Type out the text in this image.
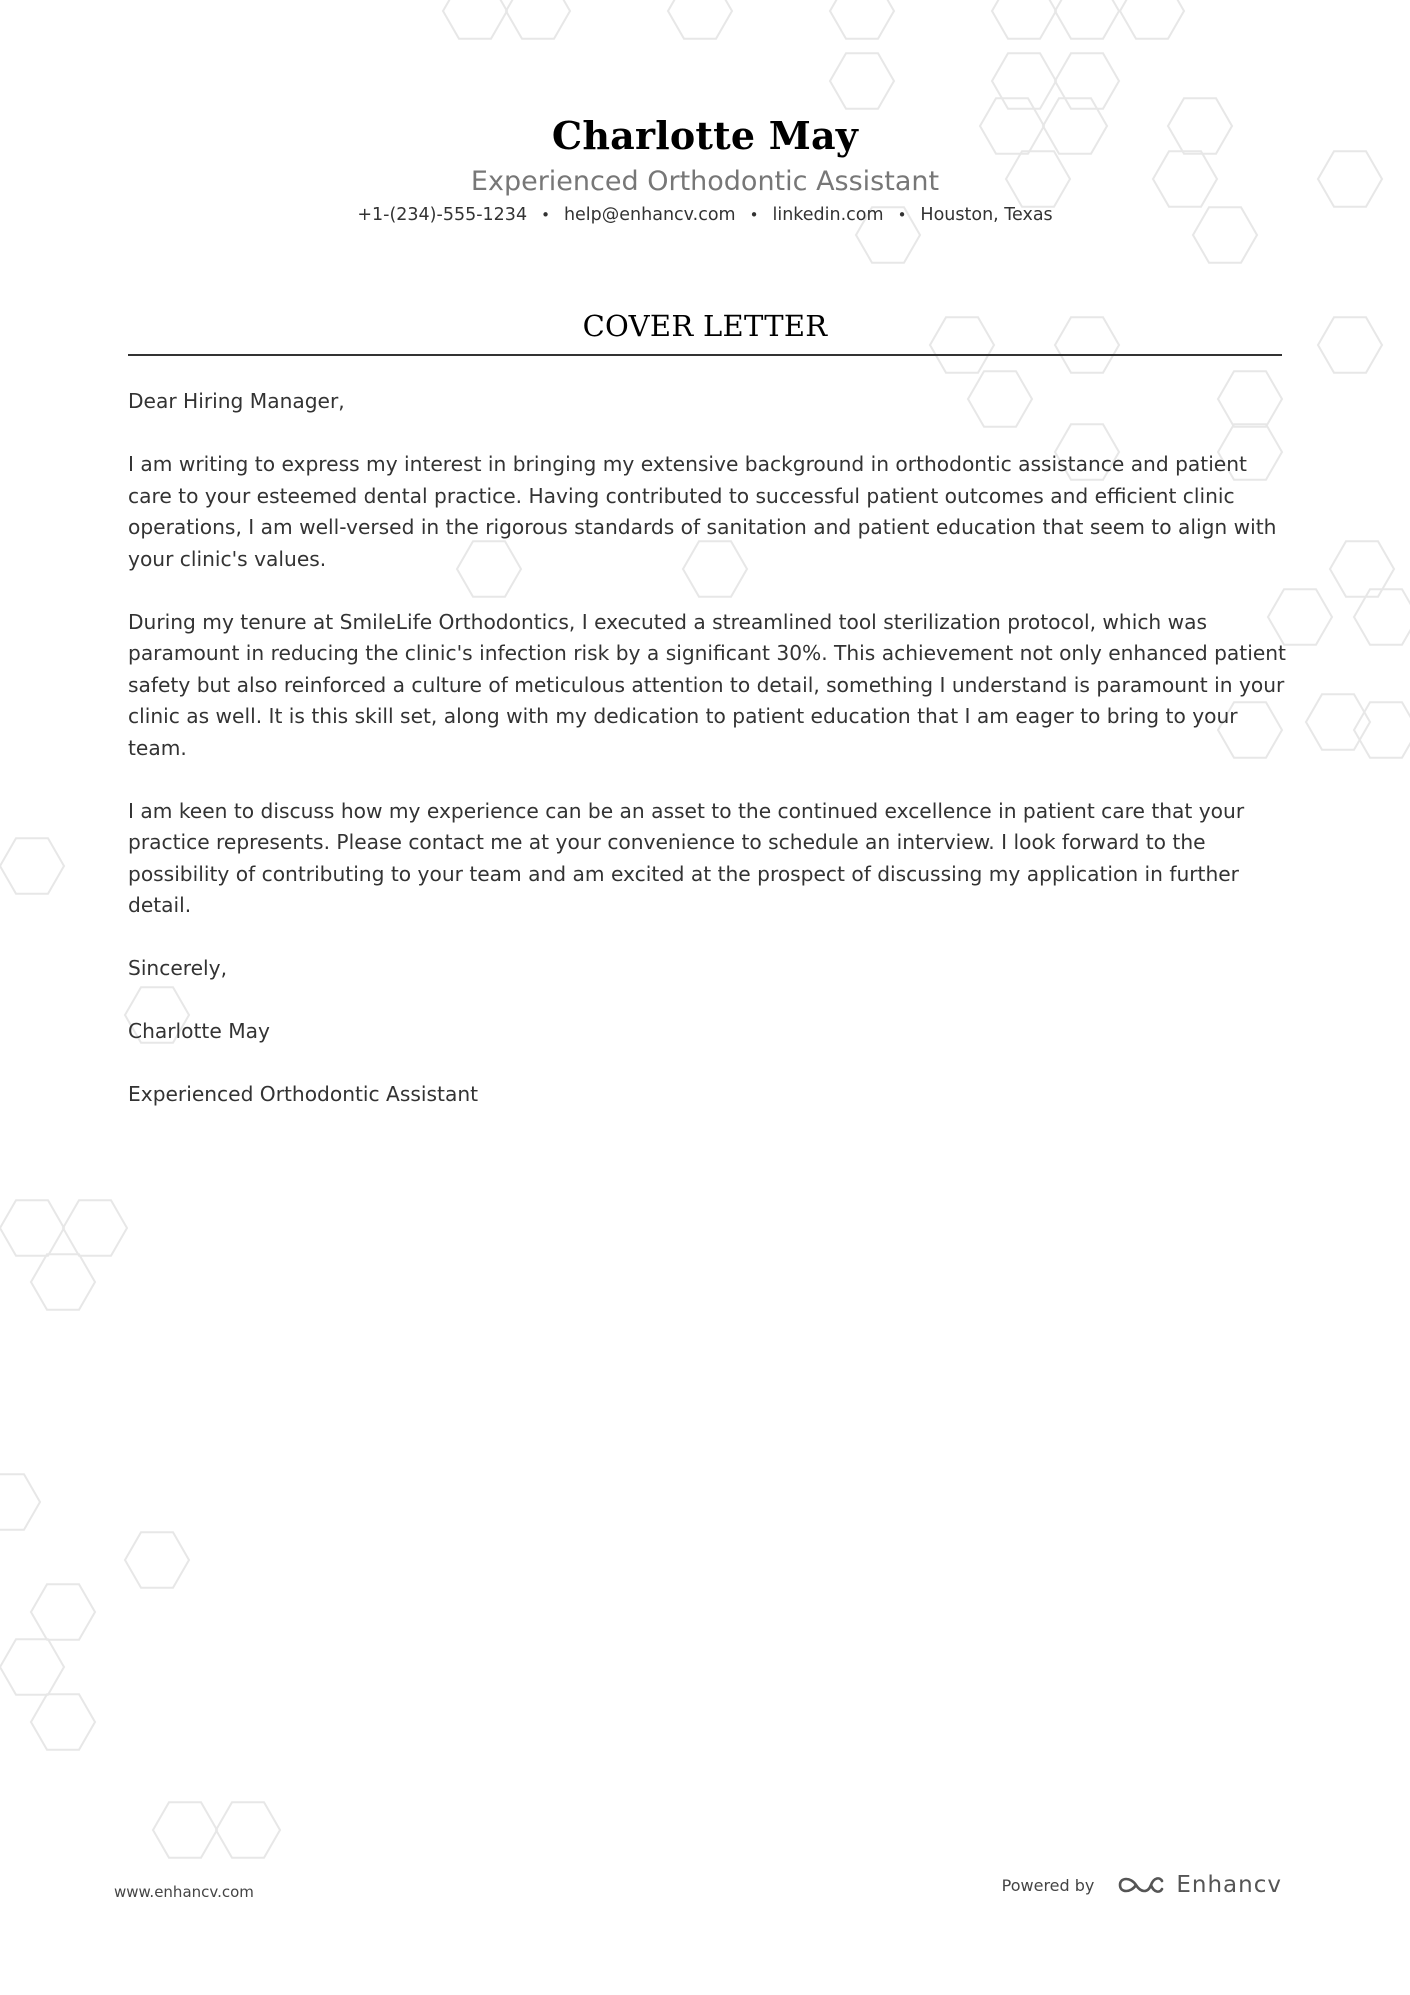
Charlotte May
Experienced Orthodontic Assistant
+1-(234)-555-1234 • help@enhancv.com • linkedin.com • Houston, Texas
COVER LETTER

Dear Hiring Manager,

I am writing to express my interest in bringing my extensive background in orthodontic assistance and patient care to your esteemed dental practice. Having contributed to successful patient outcomes and efficient clinic operations, I am well-versed in the rigorous standards of sanitation and patient education that seem to align with your clinic's values.

During my tenure at SmileLife Orthodontics, I executed a streamlined tool sterilization protocol, which was paramount in reducing the clinic's infection risk by a significant 30%. This achievement not only enhanced patient safety but also reinforced a culture of meticulous attention to detail, something I understand is paramount in your clinic as well. It is this skill set, along with my dedication to patient education that I am eager to bring to your team.

I am keen to discuss how my experience can be an asset to the continued excellence in patient care that your practice represents. Please contact me at your convenience to schedule an interview. I look forward to the possibility of contributing to your team and am excited at the prospect of discussing my application in further detail.

Sincerely,

Charlotte May

Experienced Orthodontic Assistant

www.enhancv.com	Powered by	Enhancv
